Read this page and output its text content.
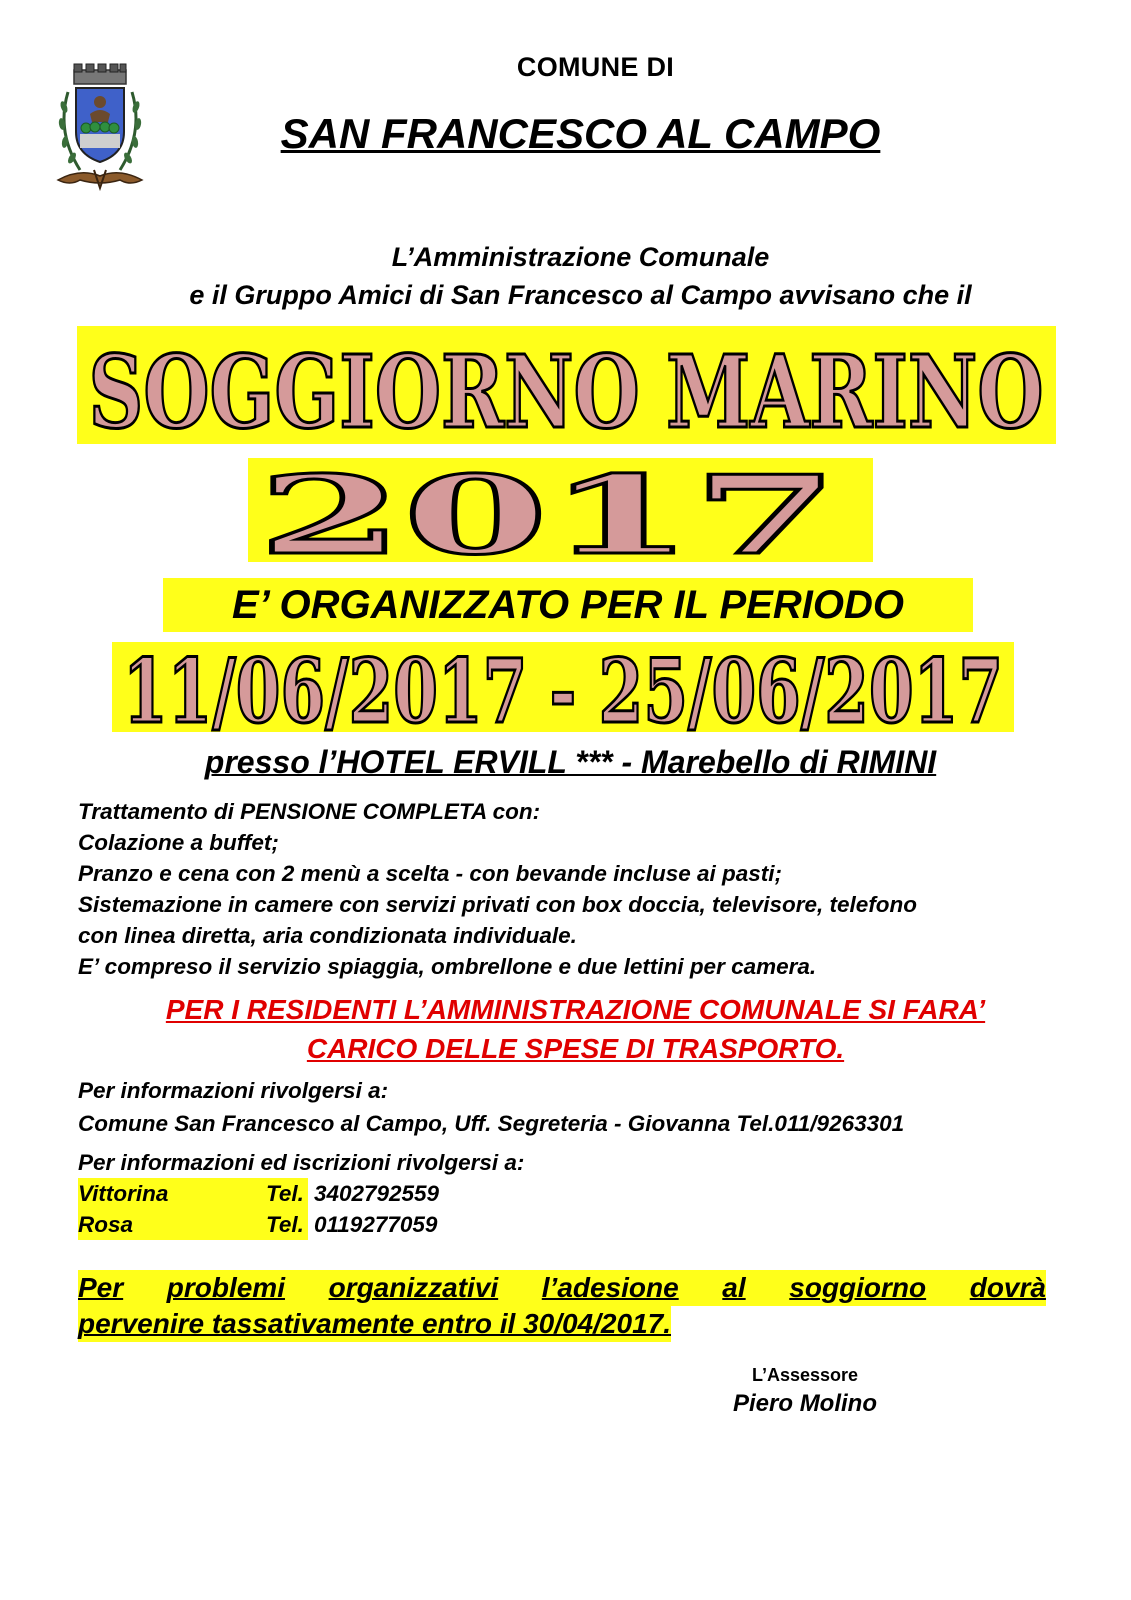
COMUNE DI
SAN FRANCESCO AL CAMPO
L’Amministrazione Comunale
e il Gruppo Amici di San Francesco al Campo avvisano che il
SOGGIORNO MARINO
2017
E’ ORGANIZZATO PER IL PERIODO
11/06/2017 - 25/06/2017
presso l’HOTEL ERVILL *** - Marebello di RIMINI
Trattamento di PENSIONE COMPLETA con:
Colazione a buffet;
Pranzo e cena con 2 menù a scelta - con bevande incluse ai pasti;
Sistemazione in camere con servizi privati con box doccia, televisore, telefono
con linea diretta, aria condizionata individuale.
E’ compreso il servizio spiaggia, ombrellone e due lettini per camera.
PER I RESIDENTI L’AMMINISTRAZIONE COMUNALE SI FARA’
CARICO DELLE SPESE DI TRASPORTO.
Per informazioni rivolgersi a:
Comune San Francesco al Campo, Uff. Segreteria - Giovanna Tel.011/9263301
Per informazioni ed iscrizioni rivolgersi a:
Vittorina	Tel. 3402792559
Rosa	Tel. 0119277059
Per problemi organizzativi l’adesione al soggiorno dovrà
pervenire tassativamente entro il 30/04/2017.
L’Assessore
Piero Molino
